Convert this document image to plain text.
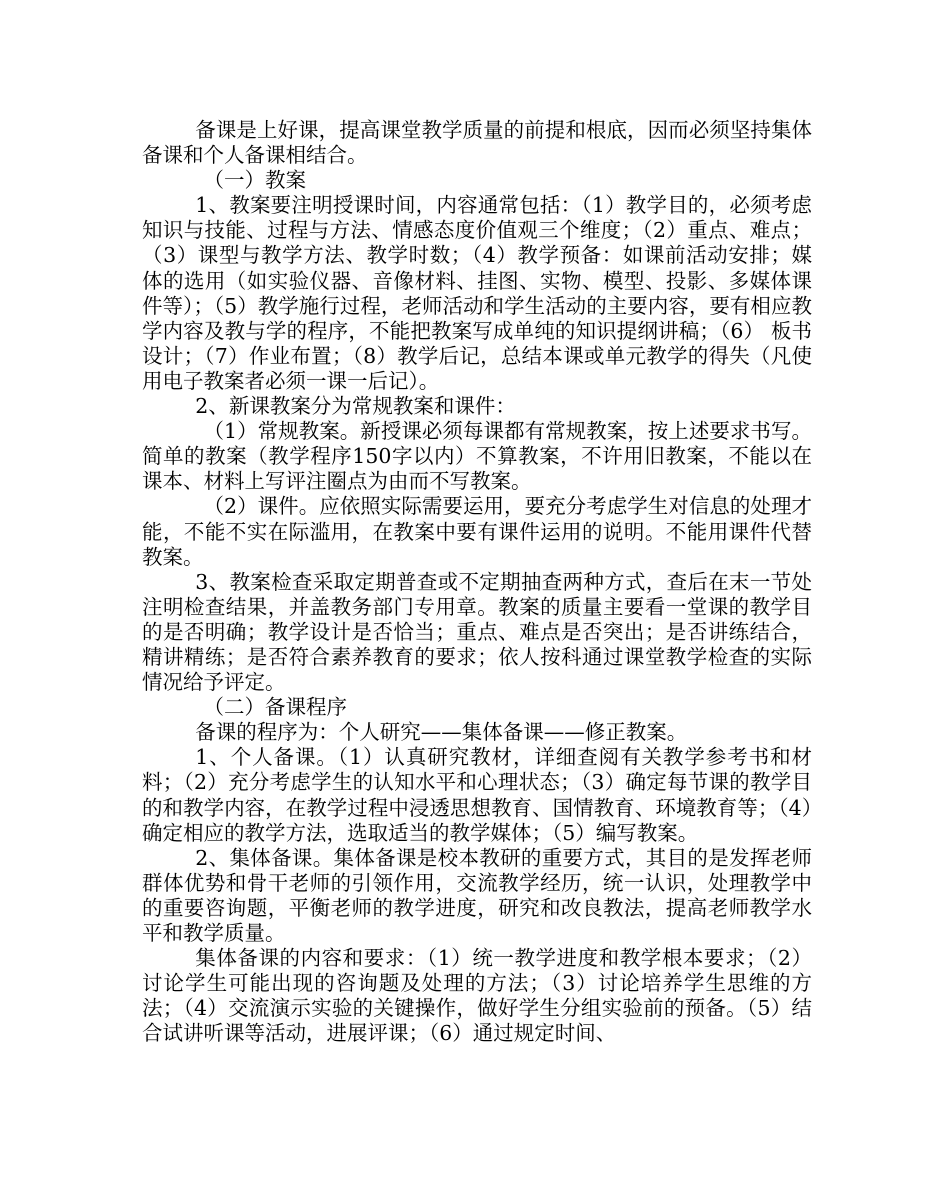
备课是上好课，提高课堂教学质量的前提和根底，因而必须坚持集体备课和个人备课相结合。

（一）教案

1、教案要注明授课时间，内容通常包括：（1）教学目的，必须考虑知识与技能、过程与方法、情感态度价值观三个维度；（2）重点、难点；（3）课型与教学方法、教学时数；（4）教学预备：如课前活动安排；媒体的选用（如实验仪器、音像材料、挂图、实物、模型、投影、多媒体课件等）；（5）教学施行过程，老师活动和学生活动的主要内容，要有相应教学内容及教与学的程序，不能把教案写成单纯的知识提纲讲稿；（6） 板书设计；（7）作业布置；（8）教学后记，总结本课或单元教学的得失（凡使用电子教案者必须一课一后记）。

2、新课教案分为常规教案和课件：

（1）常规教案。新授课必须每课都有常规教案，按上述要求书写。简单的教案（教学程序150字以内）不算教案，不许用旧教案，不能以在课本、材料上写评注圈点为由而不写教案。

（2）课件。应依照实际需要运用，要充分考虑学生对信息的处理才能，不能不实在际滥用，在教案中要有课件运用的说明。不能用课件代替教案。

3、教案检查采取定期普查或不定期抽查两种方式，查后在末一节处注明检查结果，并盖教务部门专用章。教案的质量主要看一堂课的教学目的是否明确；教学设计是否恰当；重点、难点是否突出；是否讲练结合，精讲精练；是否符合素养教育的要求；依人按科通过课堂教学检查的实际情况给予评定。

（二）备课程序

备课的程序为：个人研究——集体备课——修正教案。

1、个人备课。（1）认真研究教材，详细查阅有关教学参考书和材料；（2）充分考虑学生的认知水平和心理状态；（3）确定每节课的教学目的和教学内容，在教学过程中浸透思想教育、国情教育、环境教育等；（4）确定相应的教学方法，选取适当的教学媒体；（5）编写教案。

2、集体备课。集体备课是校本教研的重要方式，其目的是发挥老师群体优势和骨干老师的引领作用，交流教学经历，统一认识，处理教学中的重要咨询题，平衡老师的教学进度，研究和改良教法，提高老师教学水平和教学质量。

集体备课的内容和要求：（1）统一教学进度和教学根本要求；（2）讨论学生可能出现的咨询题及处理的方法；（3）讨论培养学生思维的方法；（4）交流演示实验的关键操作，做好学生分组实验前的预备。（5）结合试讲听课等活动，进展评课；（6）通过规定时间、
